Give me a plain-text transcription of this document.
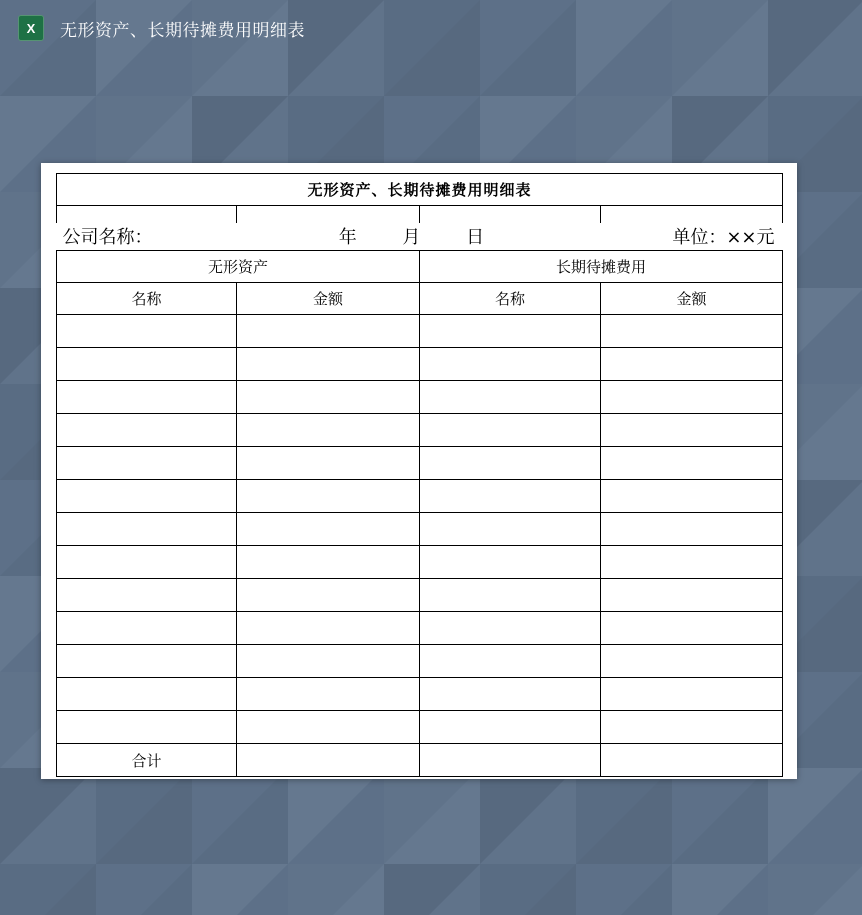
X	无形资产、长期待摊费用明细表
无形资产、长期待摊费用明细表			

公司名称： 年 月 日 单位：××元			

无形资产		长期待摊费用	
名称	金额	名称	金额

合计			
